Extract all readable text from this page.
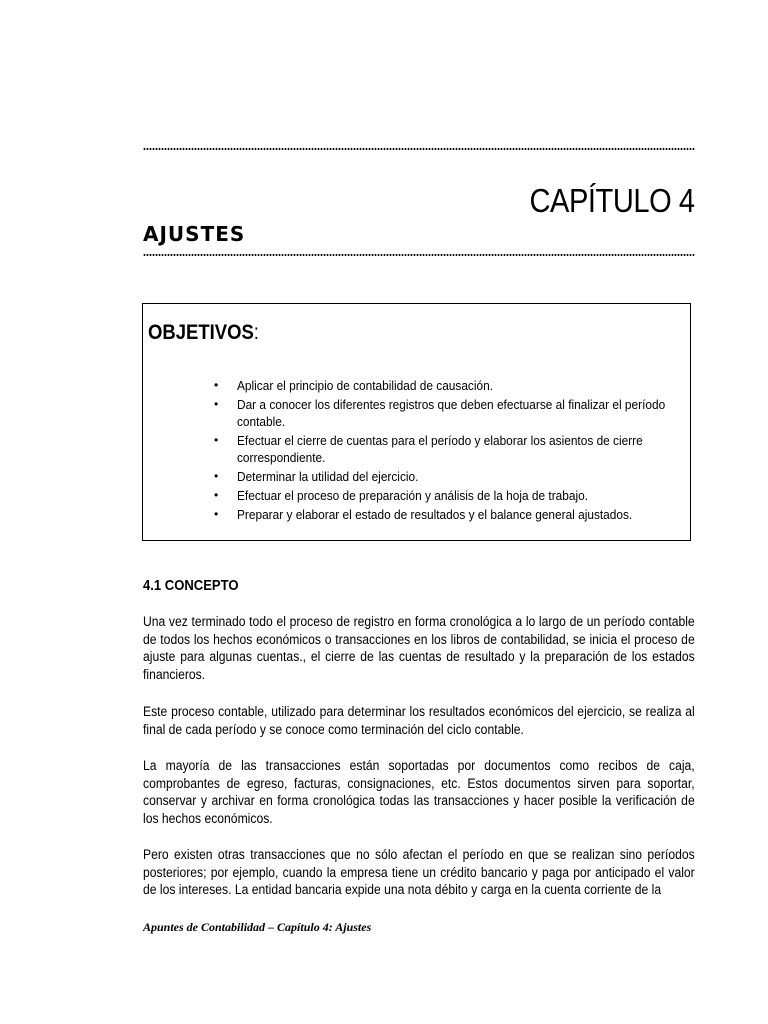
CAPÍTULO 4
AJUSTES
OBJETIVOS:
• Aplicar el principio de contabilidad de causación.
• Dar a conocer los diferentes registros que deben efectuarse al finalizar el período contable.
• Efectuar el cierre de cuentas para el período y elaborar los asientos de cierre correspondiente.
• Determinar la utilidad del ejercicio.
• Efectuar el proceso de preparación y análisis de la hoja de trabajo.
• Preparar y elaborar el estado de resultados y el balance general ajustados.
4.1 CONCEPTO

Una vez terminado todo el proceso de registro en forma cronológica a lo largo de un período contable de todos los hechos económicos o transacciones en los libros de contabilidad, se inicia el proceso de ajuste para algunas cuentas., el cierre de las cuentas de resultado y la preparación de los estados financieros.

Este proceso contable, utilizado para determinar los resultados económicos del ejercicio, se realiza al final de cada período y se conoce como terminación del ciclo contable.

La mayoría de las transacciones están soportadas por documentos como recibos de caja, comprobantes de egreso, facturas, consignaciones, etc. Estos documentos sirven para soportar, conservar y archivar en forma cronológica todas las transacciones y hacer posible la verificación de los hechos económicos.

Pero existen otras transacciones que no sólo afectan el período en que se realizan sino períodos posteriores; por ejemplo, cuando la empresa tiene un crédito bancario y paga por anticipado el valor de los intereses. La entidad bancaria expide una nota débito y carga en la cuenta corriente de la

Apuntes de Contabilidad – Capítulo 4: Ajustes
